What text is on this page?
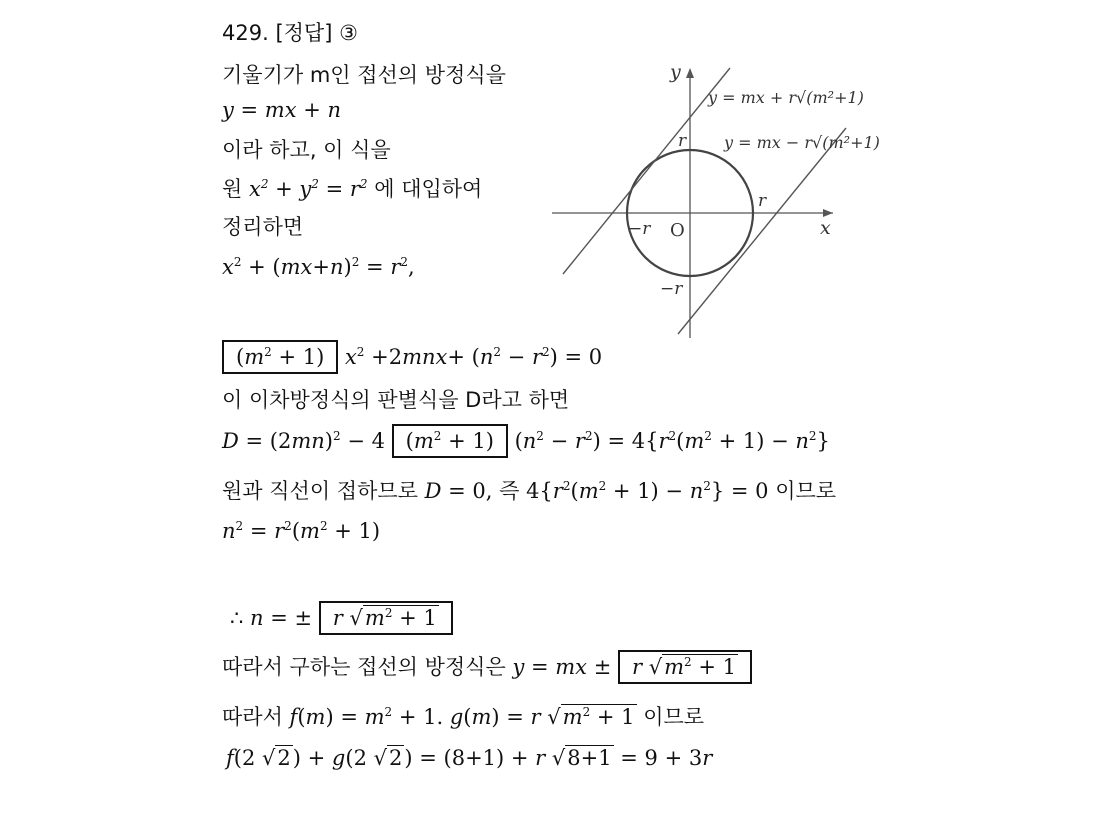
429. [정답] ③
기울기가 m인 접선의 방정식을
y = mx + n
이라 하고, 이 식을
원 $x^2 + y^2 = r^2$ 에 대입하여
정리하면
$x^2 + (mx+n)^2 = r^2$,
$(m^2 + 1)$ $x^2 +2mnx+ (n^2 - r^2) = 0$
이 이차방정식의 판별식을 D라고 하면
$D = (2mn)^2 - 4$ $(m^2 + 1) (n^2 - r^2) = 4\{r^2(m^2 + 1) - n^2\}$
원과 직선이 접하므로 D = 0, 즉 $4\{r^2(m^2 + 1) - n^2\} = 0$ 이므로
$n^2 = r^2(m^2 + 1)$
∴ n = ± r $√m^2 + 1$
따라서 구하는 접선의 방정식은 y = mx ± r $√m^2 + 1$
따라서 $f(m) = m^2 + 1$. g(m) = r $√m^2 + 1$ 이므로
f(2 √2) + g(2 √2) = (8+1) + r √8+1 = 9 + 3r
y
x
O
r
r
−r
−r
y = mx + r√(m²+1)
y = mx − r√(m²+1)
